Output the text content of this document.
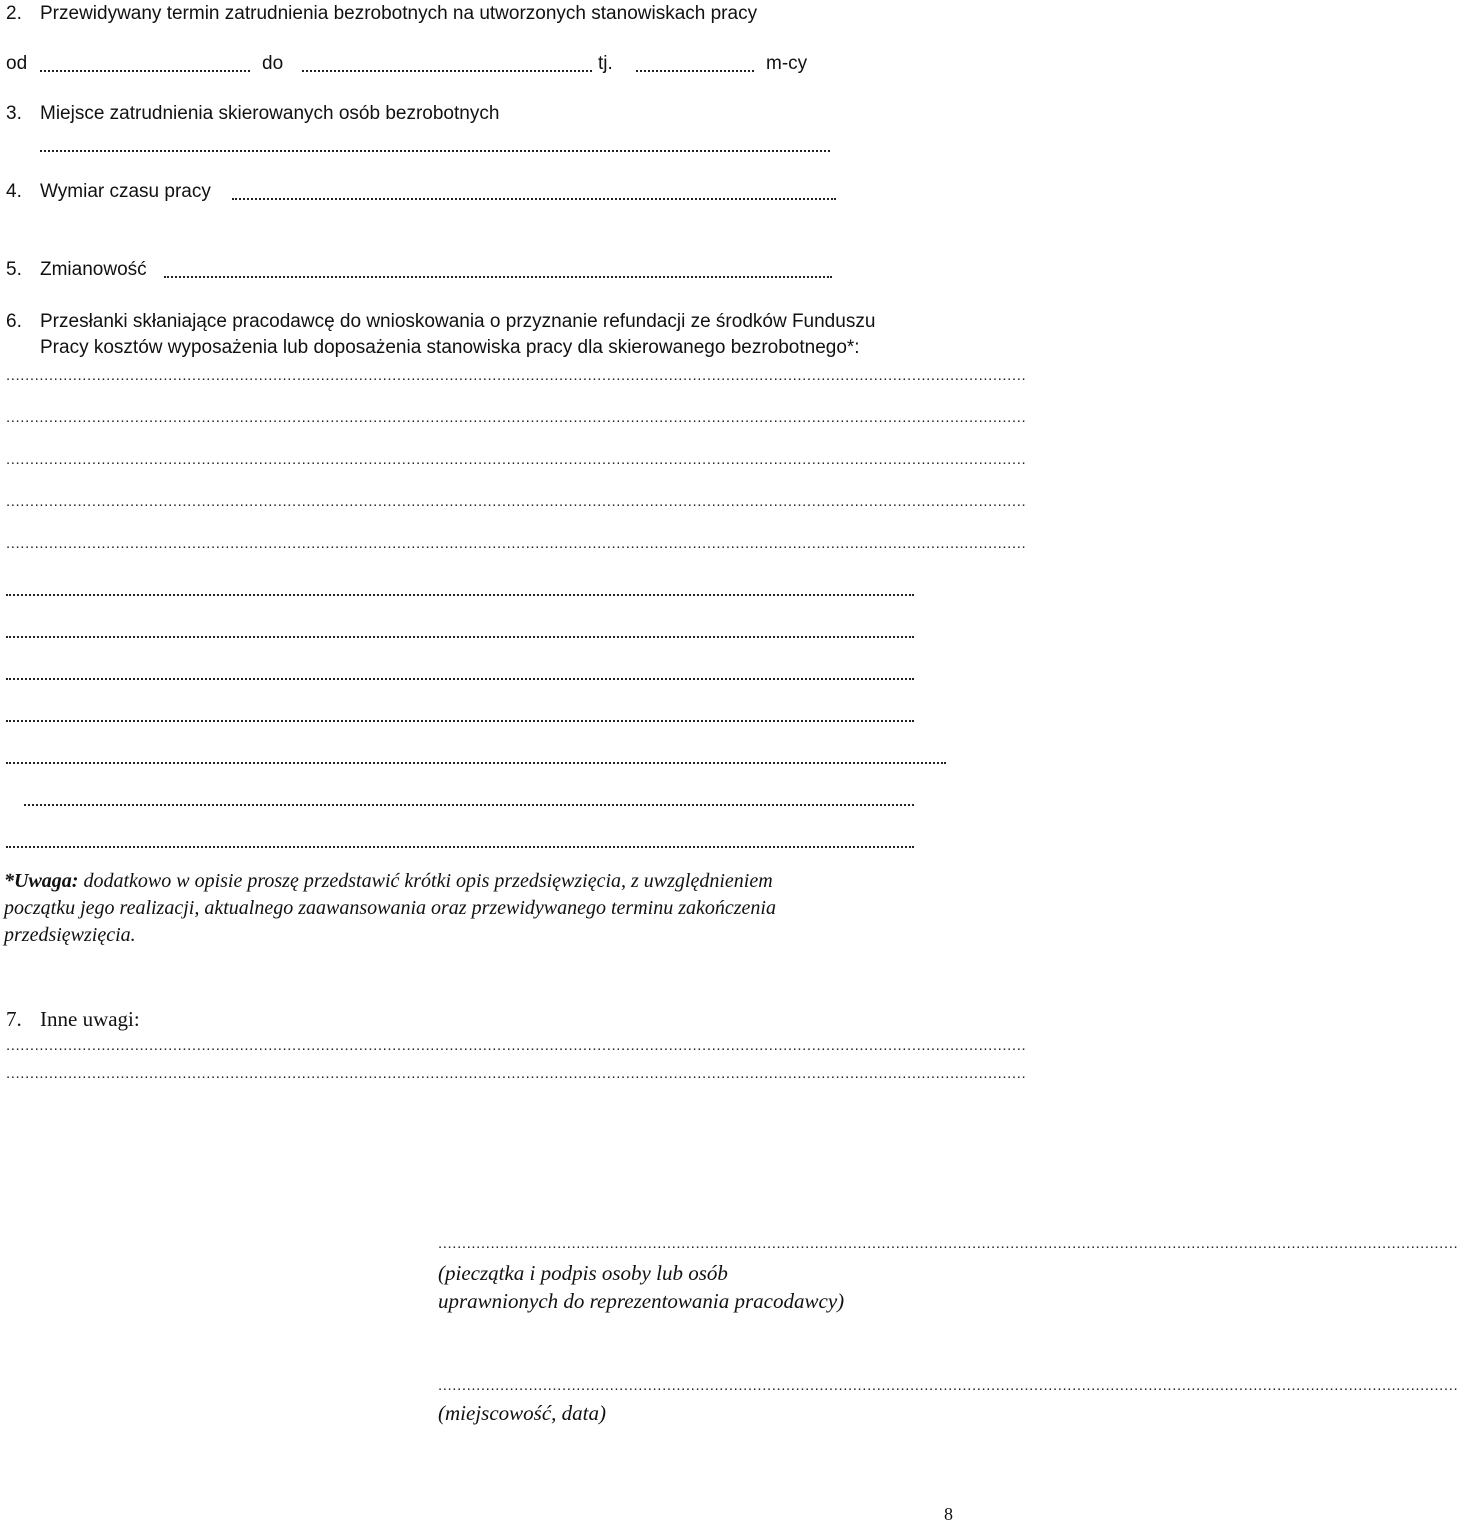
2. Przewidywany termin zatrudnienia bezrobotnych na utworzonych stanowiskach pracy
od	do	tj.	m-cy
3. Miejsce zatrudnienia skierowanych osób bezrobotnych
4. Wymiar czasu pracy
5. Zmianowość
6. Przesłanki skłaniające pracodawcę do wnioskowania o przyznanie refundacji ze środków Funduszu
Pracy kosztów wyposażenia lub doposażenia stanowiska pracy dla skierowanego bezrobotnego*:
......................................................................................................................................................................................................................
......................................................................................................................................................................................................................
......................................................................................................................................................................................................................
......................................................................................................................................................................................................................
......................................................................................................................................................................................................................
*Uwaga: dodatkowo w opisie proszę przedstawić krótki opis przedsięwzięcia, z uwzględnieniem
początku jego realizacji, aktualnego zaawansowania oraz przewidywanego terminu zakończenia
przedsięwzięcia.
7. Inne uwagi:
......................................................................................................................................................................................................................
......................................................................................................................................................................................................................
......................................................................................................................................................................................................................
(pieczątka i podpis osoby lub osób
uprawnionych do reprezentowania pracodawcy)
......................................................................................................................................................................................................................
(miejscowość, data)
8
